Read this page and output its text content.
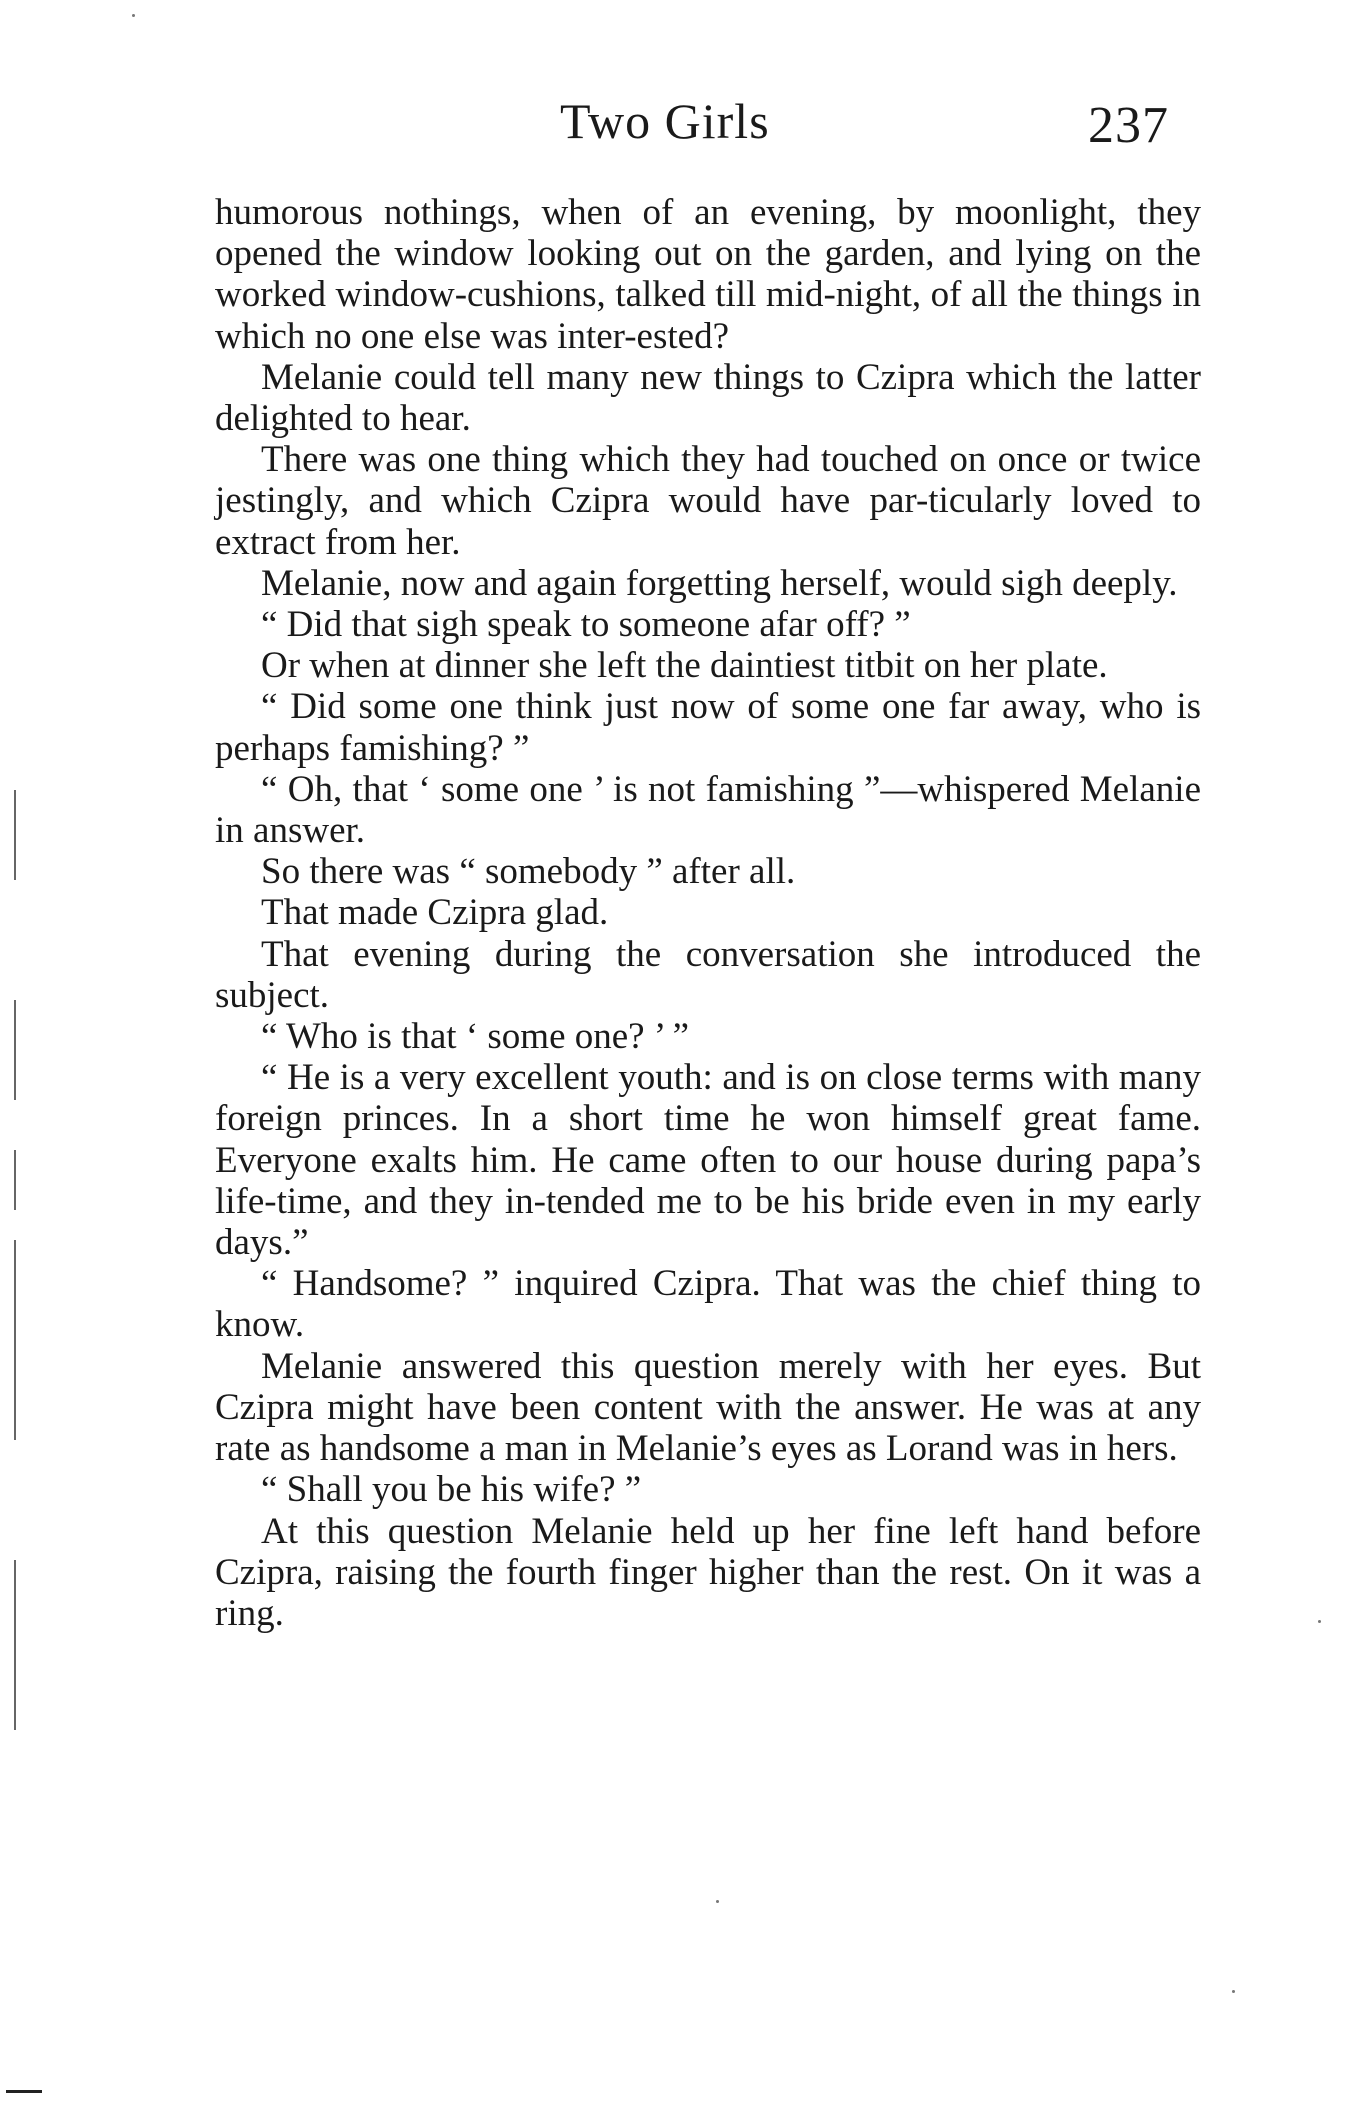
Two Girls	237

humorous nothings, when of an evening, by moonlight, they opened the window looking out on the garden, and lying on the worked window-cushions, talked till mid-night, of all the things in which no one else was inter-ested?

Melanie could tell many new things to Czipra which the latter delighted to hear.

There was one thing which they had touched on once or twice jestingly, and which Czipra would have par-ticularly loved to extract from her.

Melanie, now and again forgetting herself, would sigh deeply.

“ Did that sigh speak to someone afar off? ”

Or when at dinner she left the daintiest titbit on her plate.

“ Did some one think just now of some one far away, who is perhaps famishing? ”

“ Oh, that ‘ some one ’ is not famishing ”—whispered Melanie in answer.

So there was “ somebody ” after all.

That made Czipra glad.

That evening during the conversation she introduced the subject.

“ Who is that ‘ some one? ’ ”

“ He is a very excellent youth: and is on close terms with many foreign princes. In a short time he won himself great fame. Everyone exalts him. He came often to our house during papa’s life-time, and they in-tended me to be his bride even in my early days.”

“ Handsome? ” inquired Czipra. That was the chief thing to know.

Melanie answered this question merely with her eyes. But Czipra might have been content with the answer. He was at any rate as handsome a man in Melanie’s eyes as Lorand was in hers.

“ Shall you be his wife? ”

At this question Melanie held up her fine left hand before Czipra, raising the fourth finger higher than the rest. On it was a ring.
